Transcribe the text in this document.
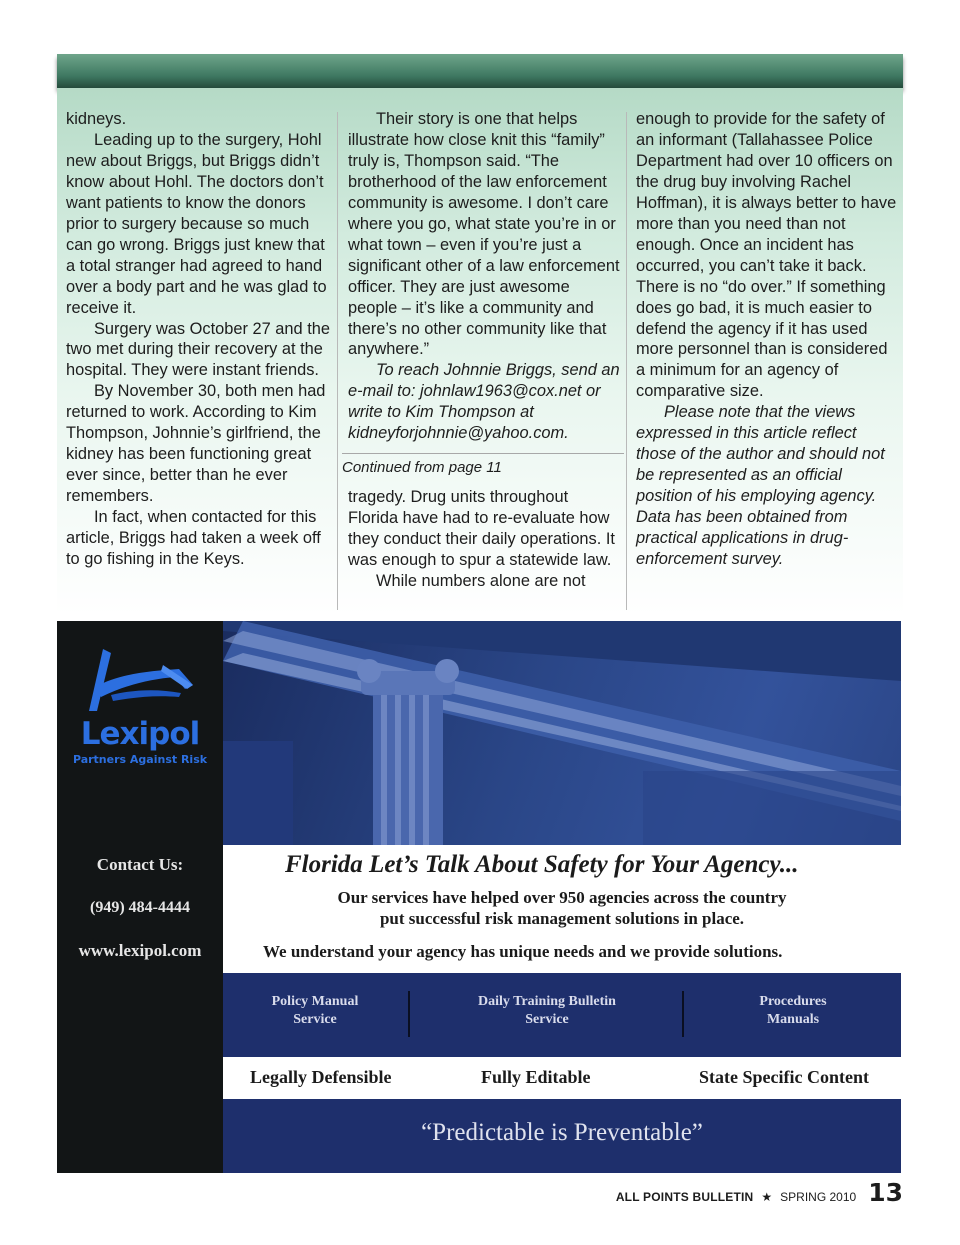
kidneys.

Leading up to the surgery, Hohl new about Briggs, but Briggs didn’t know about Hohl. The doctors don’t want patients to know the donors prior to surgery because so much can go wrong. Briggs just knew that a total stranger had agreed to hand over a body part and he was glad to receive it.

Surgery was October 27 and the two met during their recovery at the hospital. They were instant friends.

By November 30, both men had returned to work. According to Kim Thompson, Johnnie’s girlfriend, the kidney has been functioning great ever since, better than he ever remembers.

In fact, when contacted for this article, Briggs had taken a week off to go fishing in the Keys.

Their story is one that helps illustrate how close knit this “family” truly is, Thompson said. “The brotherhood of the law enforcement community is awesome. I don’t care where you go, what state you’re in or what town – even if you’re just a significant other of a law enforcement officer. They are just awesome people – it’s like a community and there’s no other community like that anywhere.”

To reach Johnnie Briggs, send an e-mail to: johnlaw1963@cox.net or write to Kim Thompson at kidneyforjohnnie@yahoo.com.

Continued from page 11

tragedy. Drug units throughout Florida have had to re-evaluate how they conduct their daily operations. It was enough to spur a statewide law.

While numbers alone are not

enough to provide for the safety of an informant (Tallahassee Police Department had over 10 officers on the drug buy involving Rachel Hoffman), it is always better to have more than you need than not enough. Once an incident has occurred, you can’t take it back. There is no “do over.” If something does go bad, it is much easier to defend the agency if it has used more personnel than is considered a minimum for an agency of comparative size.

Please note that the views expressed in this article reflect those of the author and should not be represented as an official position of his employing agency. Data has been obtained from practical applications in drug-enforcement survey.

Lexipol
Partners Against Risk
Contact Us:
(949) 484-4444
www.lexipol.com
Florida Let’s Talk About Safety for Your Agency...
Our services have helped over 950 agencies across the country
put successful risk management solutions in place.
We understand your agency has unique needs and we provide solutions.
Policy Manual
Service
Daily Training Bulletin
Service
Procedures
Manuals
Legally Defensible	Fully Editable	State Specific Content
“Predictable is Preventable”
ALL POINTS BULLETIN ★ SPRING 2010 13
